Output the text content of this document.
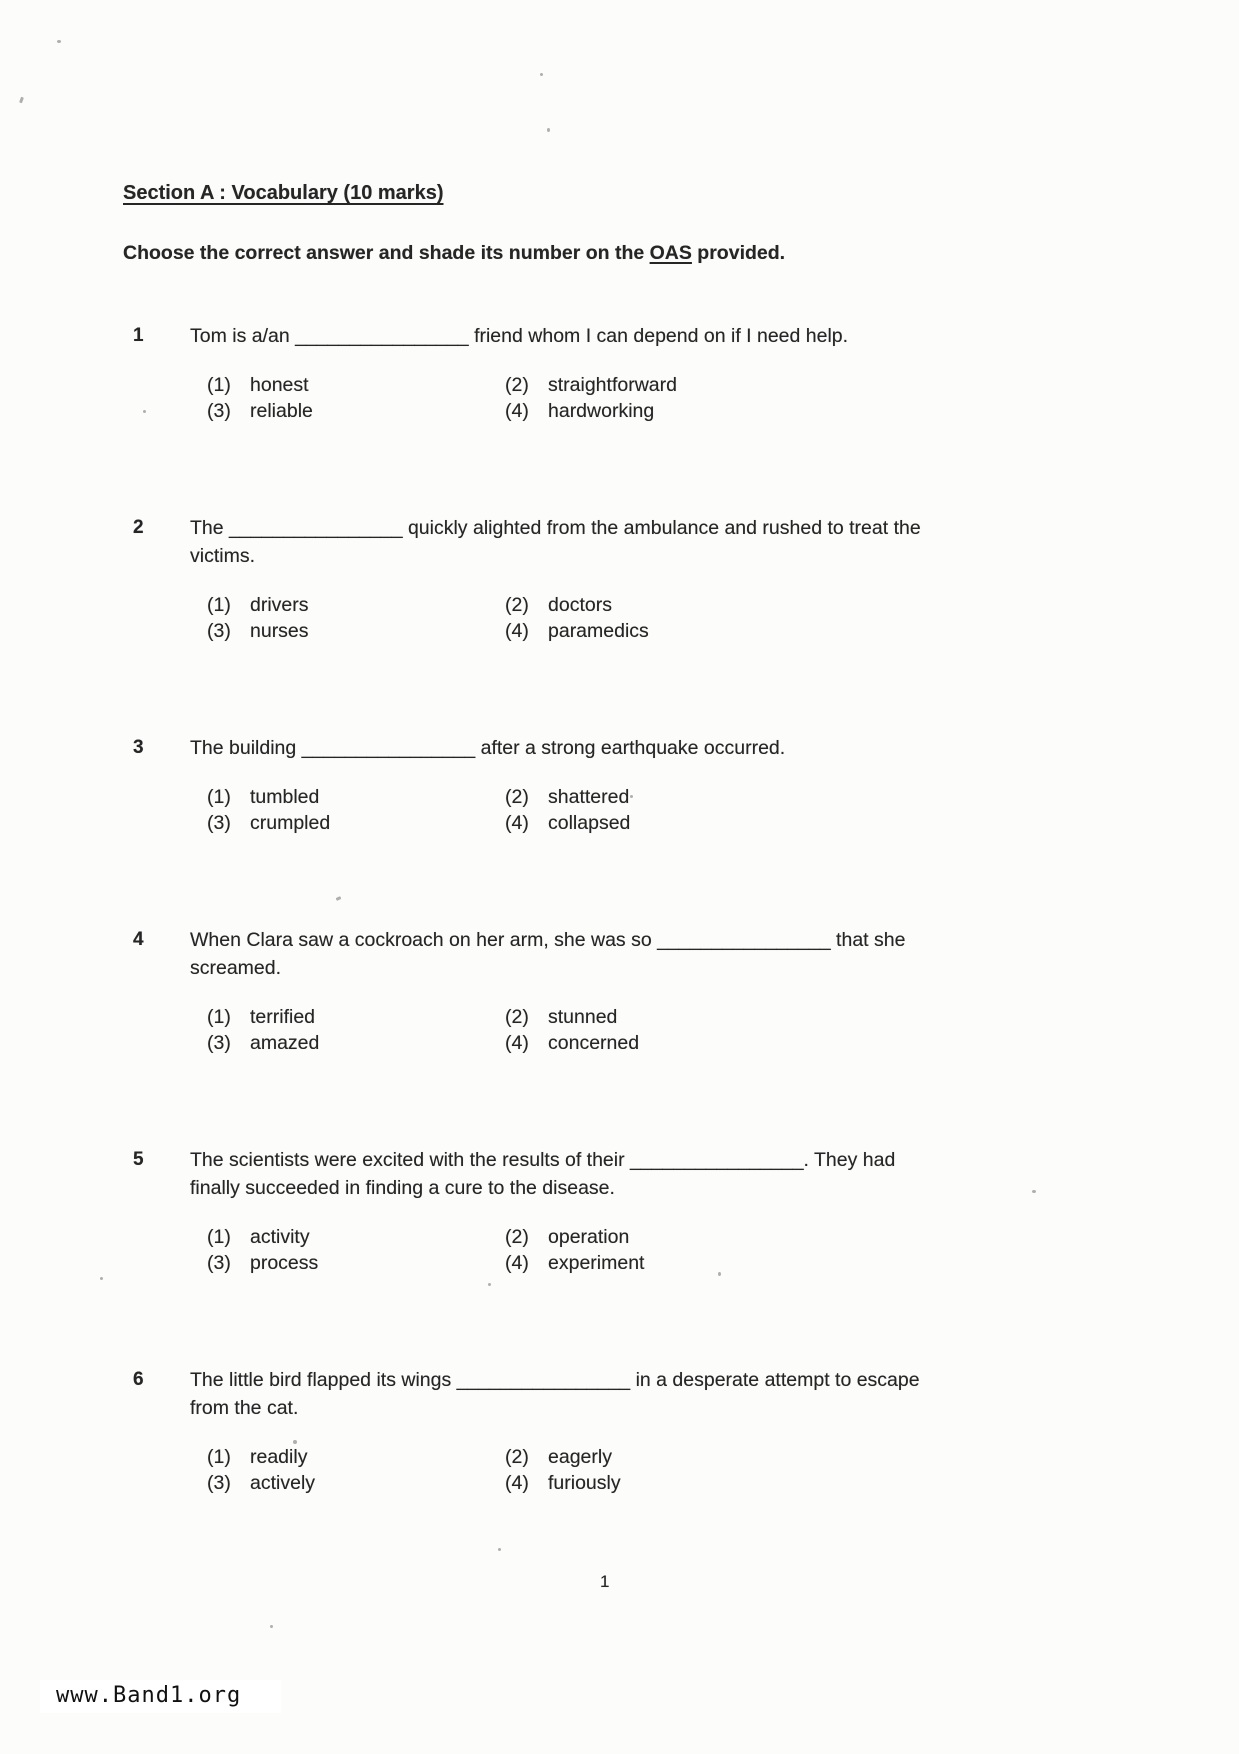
Section A : Vocabulary (10 marks)
Choose the correct answer and shade its number on the OAS provided.
1	Tom is a/an ________________ friend whom I can depend on if I need help.
(1) honest	(2) straightforward
(3) reliable	(4) hardworking
2	The ________________ quickly alighted from the ambulance and rushed to treat the
victims.
(1) drivers	(2) doctors
(3) nurses	(4) paramedics
3	The building ________________ after a strong earthquake occurred.
(1) tumbled	(2) shattered
(3) crumpled	(4) collapsed
4	When Clara saw a cockroach on her arm, she was so ________________ that she
screamed.
(1) terrified	(2) stunned
(3) amazed	(4) concerned
5	The scientists were excited with the results of their ________________. They had
finally succeeded in finding a cure to the disease.
(1) activity	(2) operation
(3) process	(4) experiment
6	The little bird flapped its wings ________________ in a desperate attempt to escape
from the cat.
(1) readily	(2) eagerly
(3) actively	(4) furiously
1
www.Band1.org
